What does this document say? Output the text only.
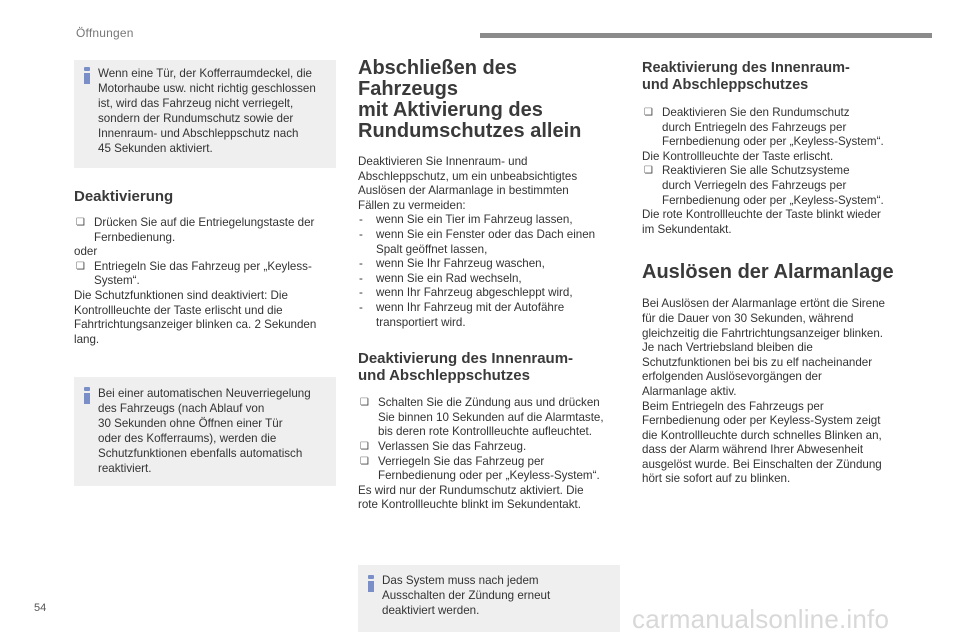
Öffnungen
Wenn eine Tür, der Kofferraumdeckel, die
Motorhaube usw. nicht richtig geschlossen
ist, wird das Fahrzeug nicht verriegelt,
sondern der Rundumschutz sowie der
Innenraum- und Abschleppschutz nach
45 Sekunden aktiviert.
Deaktivierung
❏ Drücken Sie auf die Entriegelungstaste der
Fernbedienung.
oder
❏ Entriegeln Sie das Fahrzeug per „Keyless-
System“.
Die Schutzfunktionen sind deaktiviert: Die
Kontrollleuchte der Taste erlischt und die
Fahrtrichtungsanzeiger blinken ca. 2 Sekunden
lang.
Bei einer automatischen Neuverriegelung
des Fahrzeugs (nach Ablauf von
30 Sekunden ohne Öffnen einer Tür
oder des Kofferraums), werden die
Schutzfunktionen ebenfalls automatisch
reaktiviert.
Abschließen des Fahrzeugs
mit Aktivierung des
Rundumschutzes allein
Deaktivieren Sie Innenraum- und
Abschleppschutz, um ein unbeabsichtigtes
Auslösen der Alarmanlage in bestimmten
Fällen zu vermeiden:
- wenn Sie ein Tier im Fahrzeug lassen,
- wenn Sie ein Fenster oder das Dach einen
Spalt geöffnet lassen,
- wenn Sie Ihr Fahrzeug waschen,
- wenn Sie ein Rad wechseln,
- wenn Ihr Fahrzeug abgeschleppt wird,
- wenn Ihr Fahrzeug mit der Autofähre
transportiert wird.
Deaktivierung des Innenraum-
und Abschleppschutzes
❏ Schalten Sie die Zündung aus und drücken
Sie binnen 10 Sekunden auf die Alarmtaste,
bis deren rote Kontrollleuchte aufleuchtet.
❏ Verlassen Sie das Fahrzeug.
❏ Verriegeln Sie das Fahrzeug per
Fernbedienung oder per „Keyless-System“.
Es wird nur der Rundumschutz aktiviert. Die
rote Kontrollleuchte blinkt im Sekundentakt.
Das System muss nach jedem
Ausschalten der Zündung erneut
deaktiviert werden.
Reaktivierung des Innenraum-
und Abschleppschutzes
❏ Deaktivieren Sie den Rundumschutz
durch Entriegeln des Fahrzeugs per
Fernbedienung oder per „Keyless-System“.
Die Kontrollleuchte der Taste erlischt.
❏ Reaktivieren Sie alle Schutzsysteme
durch Verriegeln des Fahrzeugs per
Fernbedienung oder per „Keyless-System“.
Die rote Kontrollleuchte der Taste blinkt wieder
im Sekundentakt.
Auslösen der Alarmanlage
Bei Auslösen der Alarmanlage ertönt die Sirene
für die Dauer von 30 Sekunden, während
gleichzeitig die Fahrtrichtungsanzeiger blinken.
Je nach Vertriebsland bleiben die
Schutzfunktionen bei bis zu elf nacheinander
erfolgenden Auslösevorgängen der
Alarmanlage aktiv.
Beim Entriegeln des Fahrzeugs per
Fernbedienung oder per Keyless-System zeigt
die Kontrollleuchte durch schnelles Blinken an,
dass der Alarm während Ihrer Abwesenheit
ausgelöst wurde. Bei Einschalten der Zündung
hört sie sofort auf zu blinken.
54	carmanualsonline.info
